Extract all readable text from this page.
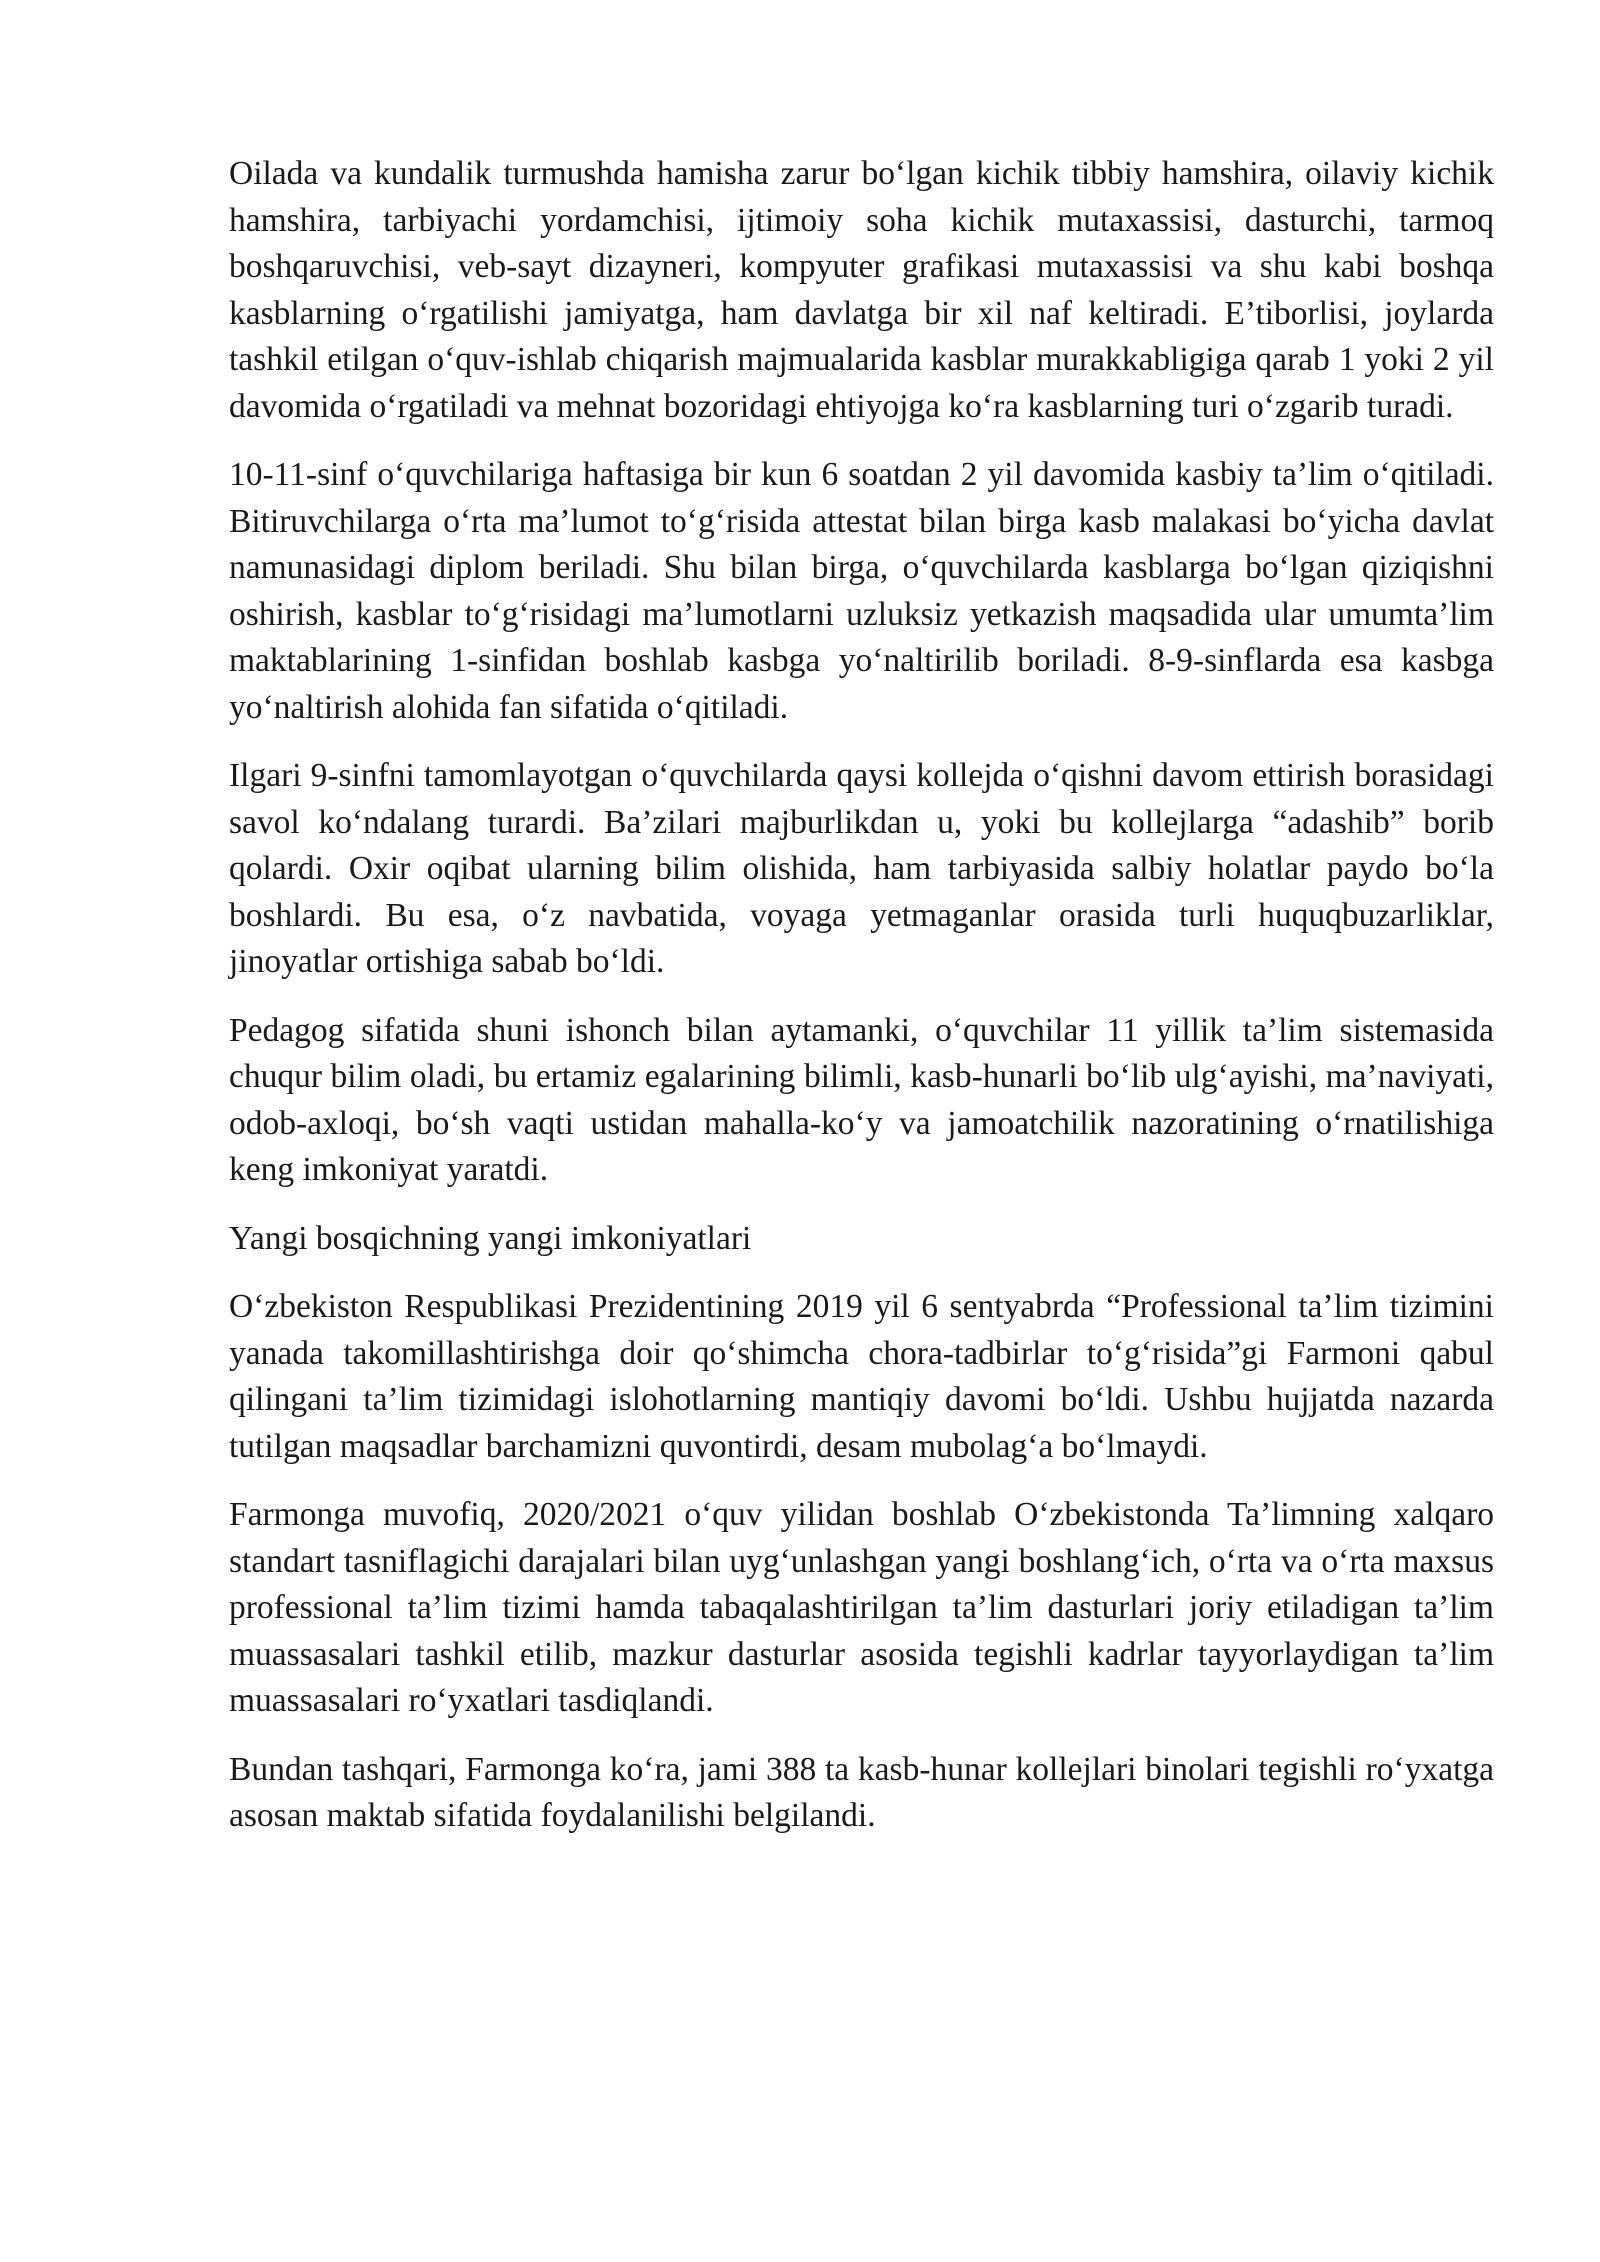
Oilada va kundalik turmushda hamisha zarur bo‘lgan kichik tibbiy hamshira, oilaviy kichik hamshira, tarbiyachi yordamchisi, ijtimoiy soha kichik mutaxassisi, dasturchi, tarmoq boshqaruvchisi, veb-sayt dizayneri, kompyuter grafikasi mutaxassisi va shu kabi boshqa kasblarning o‘rgatilishi jamiyatga, ham davlatga bir xil naf keltiradi. E’tiborlisi, joylarda tashkil etilgan o‘quv-ishlab chiqarish majmualarida kasblar murakkabligiga qarab 1 yoki 2 yil davomida o‘rgatiladi va mehnat bozoridagi ehtiyojga ko‘ra kasblarning turi o‘zgarib turadi.

10-11-sinf o‘quvchilariga haftasiga bir kun 6 soatdan 2 yil davomida kasbiy ta’lim o‘qitiladi. Bitiruvchilarga o‘rta ma’lumot to‘g‘risida attestat bilan birga kasb malakasi bo‘yicha davlat namunasidagi diplom beriladi. Shu bilan birga, o‘quvchilarda kasblarga bo‘lgan qiziqishni oshirish, kasblar to‘g‘risidagi ma’lumotlarni uzluksiz yetkazish maqsadida ular umumta’lim maktablarining 1-sinfidan boshlab kasbga yo‘naltirilib boriladi. 8-9-sinflarda esa kasbga yo‘naltirish alohida fan sifatida o‘qitiladi.

Ilgari 9-sinfni tamomlayotgan o‘quvchilarda qaysi kollejda o‘qishni davom ettirish borasidagi savol ko‘ndalang turardi. Ba’zilari majburlikdan u, yoki bu kollejlarga “adashib” borib qolardi. Oxir oqibat ularning bilim olishida, ham tarbiyasida salbiy holatlar paydo bo‘la boshlardi. Bu esa, o‘z navbatida, voyaga yetmaganlar orasida turli huquqbuzarliklar, jinoyatlar ortishiga sabab bo‘ldi.

Pedagog sifatida shuni ishonch bilan aytamanki, o‘quvchilar 11 yillik ta’lim sistemasida chuqur bilim oladi, bu ertamiz egalarining bilimli, kasb-hunarli bo‘lib ulg‘ayishi, ma’naviyati, odob-axloqi, bo‘sh vaqti ustidan mahalla-ko‘y va jamoatchilik nazoratining o‘rnatilishiga keng imkoniyat yaratdi.

Yangi bosqichning yangi imkoniyatlari

O‘zbekiston Respublikasi Prezidentining 2019 yil 6 sentyabrda “Professional ta’lim tizimini yanada takomillashtirishga doir qo‘shimcha chora-tadbirlar to‘g‘risida”gi Farmoni qabul qilingani ta’lim tizimidagi islohotlarning mantiqiy davomi bo‘ldi. Ushbu hujjatda nazarda tutilgan maqsadlar barchamizni quvontirdi, desam mubolag‘a bo‘lmaydi.

Farmonga muvofiq, 2020/2021 o‘quv yilidan boshlab O‘zbekistonda Ta’limning xalqaro standart tasniflagichi darajalari bilan uyg‘unlashgan yangi boshlang‘ich, o‘rta va o‘rta maxsus professional ta’lim tizimi hamda tabaqalashtirilgan ta’lim dasturlari joriy etiladigan ta’lim muassasalari tashkil etilib, mazkur dasturlar asosida tegishli kadrlar tayyorlaydigan ta’lim muassasalari ro‘yxatlari tasdiqlandi.

Bundan tashqari, Farmonga ko‘ra, jami 388 ta kasb-hunar kollejlari binolari tegishli ro‘yxatga asosan maktab sifatida foydalanilishi belgilandi.
